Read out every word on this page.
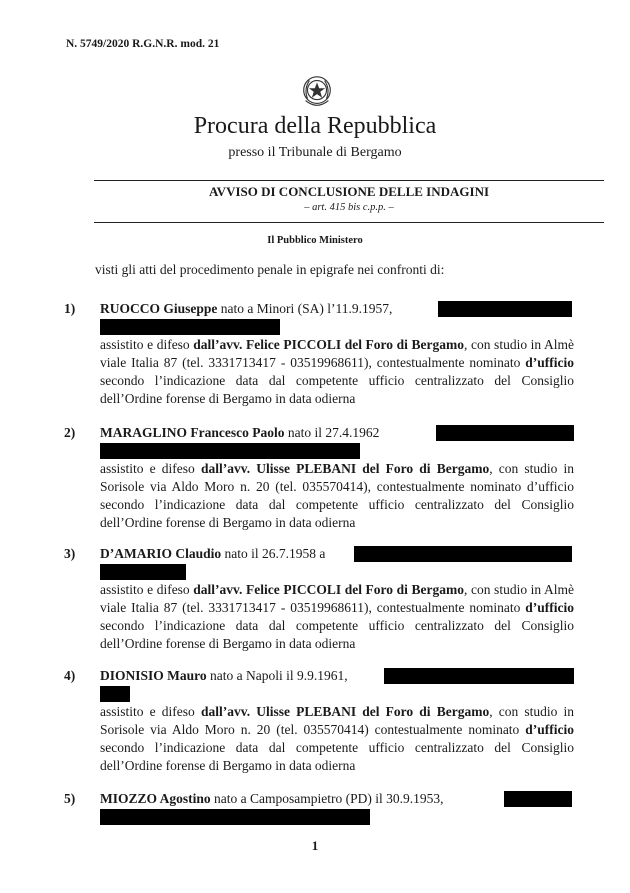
N. 5749/2020 R.G.N.R. mod. 21
Procura della Repubblica
presso il Tribunale di Bergamo
AVVISO DI CONCLUSIONE DELLE INDAGINI
– art. 415 bis c.p.p. –
Il Pubblico Ministero
visti gli atti del procedimento penale in epigrafe nei confronti di:
1) RUOCCO Giuseppe nato a Minori (SA) l’11.9.1957,
assistito e difeso dall’avv. Felice PICCOLI del Foro di Bergamo, con studio in Almè viale Italia 87 (tel. 3331713417 - 03519968611), contestualmente nominato d’ufficio secondo l’indicazione data dal competente ufficio centralizzato del Consiglio dell’Ordine forense di Bergamo in data odierna
2) MARAGLINO Francesco Paolo nato il 27.4.1962
assistito e difeso dall’avv. Ulisse PLEBANI del Foro di Bergamo, con studio in Sorisole via Aldo Moro n. 20 (tel. 035570414), contestualmente nominato d’ufficio secondo l’indicazione data dal competente ufficio centralizzato del Consiglio dell’Ordine forense di Bergamo in data odierna
3) D’AMARIO Claudio nato il 26.7.1958 a
assistito e difeso dall’avv. Felice PICCOLI del Foro di Bergamo, con studio in Almè viale Italia 87 (tel. 3331713417 - 03519968611), contestualmente nominato d’ufficio secondo l’indicazione data dal competente ufficio centralizzato del Consiglio dell’Ordine forense di Bergamo in data odierna
4) DIONISIO Mauro nato a Napoli il 9.9.1961,
assistito e difeso dall’avv. Ulisse PLEBANI del Foro di Bergamo, con studio in Sorisole via Aldo Moro n. 20 (tel. 035570414) contestualmente nominato d’ufficio secondo l’indicazione data dal competente ufficio centralizzato del Consiglio dell’Ordine forense di Bergamo in data odierna
5) MIOZZO Agostino nato a Camposampietro (PD) il 30.9.1953,
1
